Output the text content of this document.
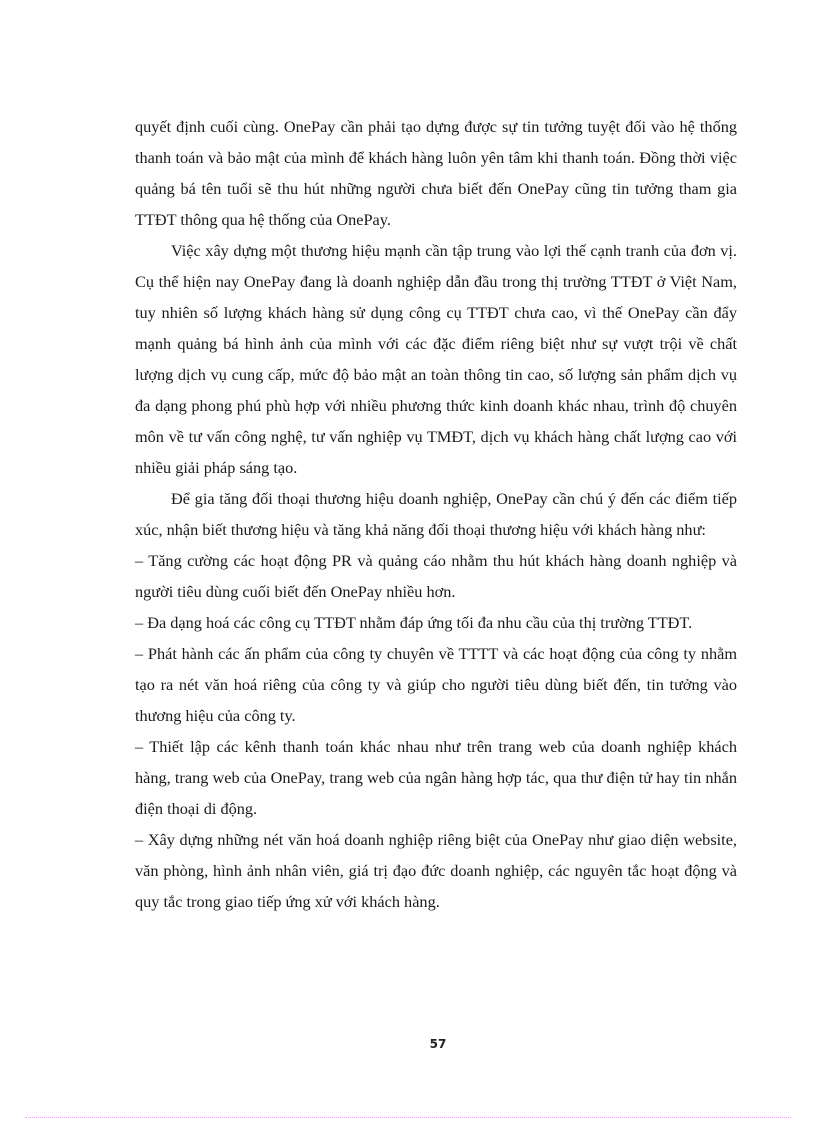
quyết định cuối cùng. OnePay cần phải tạo dựng được sự tin tưởng tuyệt đối vào hệ thống thanh toán và bảo mật của mình để khách hàng luôn yên tâm khi thanh toán. Đồng thời việc quảng bá tên tuổi sẽ thu hút những người chưa biết đến OnePay cũng tin tưởng tham gia TTĐT thông qua hệ thống của OnePay.

Việc xây dựng một thương hiệu mạnh cần tập trung vào lợi thế cạnh tranh của đơn vị. Cụ thể hiện nay OnePay đang là doanh nghiệp dẫn đầu trong thị trường TTĐT ở Việt Nam, tuy nhiên số lượng khách hàng sử dụng công cụ TTĐT chưa cao, vì thế OnePay cần đẩy mạnh quảng bá hình ảnh của mình với các đặc điểm riêng biệt như sự vượt trội về chất lượng dịch vụ cung cấp, mức độ bảo mật an toàn thông tin cao, số lượng sản phẩm dịch vụ đa dạng phong phú phù hợp với nhiều phương thức kinh doanh khác nhau, trình độ chuyên môn về tư vấn công nghệ, tư vấn nghiệp vụ TMĐT, dịch vụ khách hàng chất lượng cao với nhiều giải pháp sáng tạo.

Để gia tăng đối thoại thương hiệu doanh nghiệp, OnePay cần chú ý đến các điểm tiếp xúc, nhận biết thương hiệu và tăng khả năng đối thoại thương hiệu với khách hàng như:

– Tăng cường các hoạt động PR và quảng cáo nhằm thu hút khách hàng doanh nghiệp và người tiêu dùng cuối biết đến OnePay nhiều hơn.

– Đa dạng hoá các công cụ TTĐT nhằm đáp ứng tối đa nhu cầu của thị trường TTĐT.

– Phát hành các ấn phẩm của công ty chuyên về TTTT và các hoạt động của công ty nhằm tạo ra nét văn hoá riêng của công ty và giúp cho người tiêu dùng biết đến, tin tưởng vào thương hiệu của công ty.

– Thiết lập các kênh thanh toán khác nhau như trên trang web của doanh nghiệp khách hàng, trang web của OnePay, trang web của ngân hàng hợp tác, qua thư điện tử hay tin nhắn điện thoại di động.

– Xây dựng những nét văn hoá doanh nghiệp riêng biệt của OnePay như giao diện website, văn phòng, hình ảnh nhân viên, giá trị đạo đức doanh nghiệp, các nguyên tắc hoạt động và quy tắc trong giao tiếp ứng xử với khách hàng.

57
